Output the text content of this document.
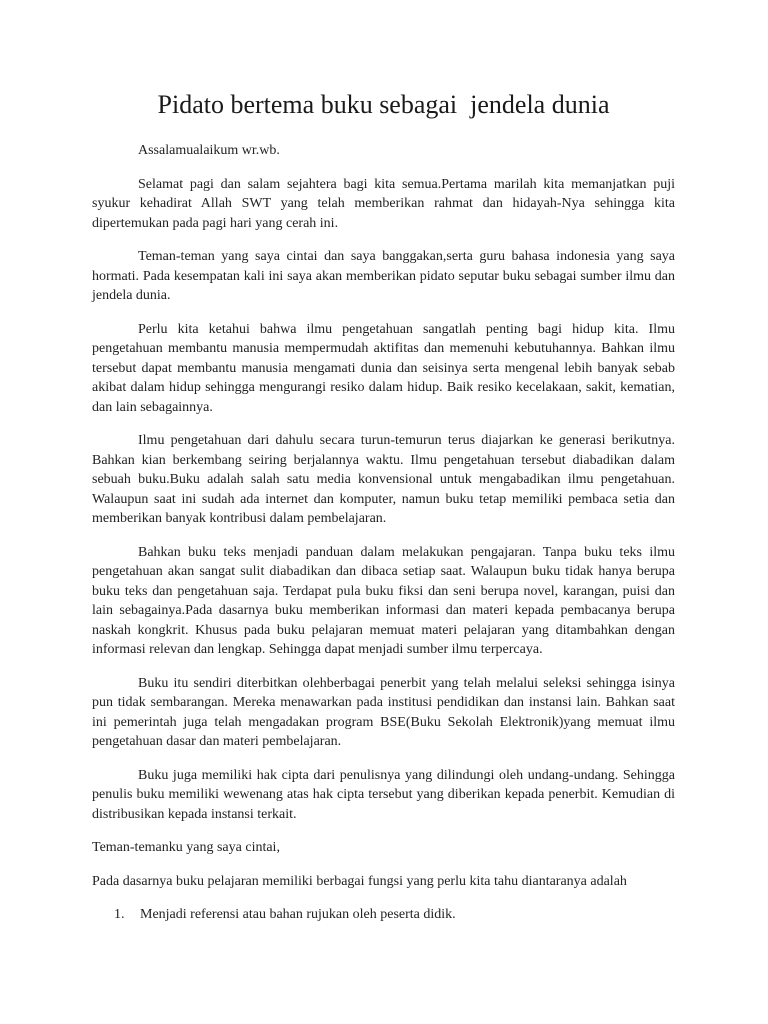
Pidato bertema buku sebagai  jendela dunia

Assalamualaikum wr.wb.

Selamat pagi dan salam sejahtera bagi kita semua.Pertama marilah kita memanjatkan puji syukur kehadirat Allah SWT yang telah memberikan rahmat dan hidayah-Nya sehingga kita dipertemukan pada pagi hari yang cerah ini.

Teman-teman yang saya cintai dan saya banggakan,serta guru bahasa indonesia yang saya hormati. Pada kesempatan kali ini saya akan memberikan pidato seputar buku sebagai sumber ilmu dan jendela dunia.

Perlu kita ketahui bahwa ilmu pengetahuan sangatlah penting bagi hidup kita. Ilmu pengetahuan membantu manusia mempermudah aktifitas dan memenuhi kebutuhannya. Bahkan ilmu tersebut dapat membantu manusia mengamati dunia dan seisinya serta mengenal lebih banyak sebab akibat dalam hidup sehingga mengurangi resiko dalam hidup. Baik resiko kecelakaan, sakit, kematian, dan lain sebagainnya.

Ilmu pengetahuan dari dahulu secara turun-temurun terus diajarkan ke generasi berikutnya. Bahkan kian berkembang seiring berjalannya waktu. Ilmu pengetahuan tersebut diabadikan dalam sebuah buku.Buku adalah salah satu media konvensional untuk mengabadikan ilmu pengetahuan. Walaupun saat ini sudah ada internet dan komputer, namun buku tetap memiliki pembaca setia dan memberikan banyak kontribusi dalam pembelajaran.

Bahkan buku teks menjadi panduan dalam melakukan pengajaran. Tanpa buku teks ilmu pengetahuan akan sangat sulit diabadikan dan dibaca setiap saat. Walaupun buku tidak hanya berupa buku teks dan pengetahuan saja. Terdapat pula buku fiksi dan seni berupa novel, karangan, puisi dan lain sebagainya.Pada dasarnya buku memberikan informasi dan materi kepada pembacanya berupa naskah kongkrit. Khusus pada buku pelajaran memuat materi pelajaran yang ditambahkan dengan informasi relevan dan lengkap. Sehingga dapat menjadi sumber ilmu terpercaya.

Buku itu sendiri diterbitkan olehberbagai penerbit yang telah melalui seleksi sehingga isinya pun tidak sembarangan. Mereka menawarkan pada institusi pendidikan dan instansi lain. Bahkan saat ini pemerintah juga telah mengadakan program BSE(Buku Sekolah Elektronik)yang memuat ilmu pengetahuan dasar dan materi pembelajaran.

Buku juga memiliki hak cipta dari penulisnya yang dilindungi oleh undang-undang. Sehingga penulis buku memiliki wewenang atas hak cipta tersebut yang diberikan kepada penerbit. Kemudian di distribusikan kepada instansi terkait.

Teman-temanku yang saya cintai,

Pada dasarnya buku pelajaran memiliki berbagai fungsi yang perlu kita tahu diantaranya adalah

1.	Menjadi referensi atau bahan rujukan oleh peserta didik.
